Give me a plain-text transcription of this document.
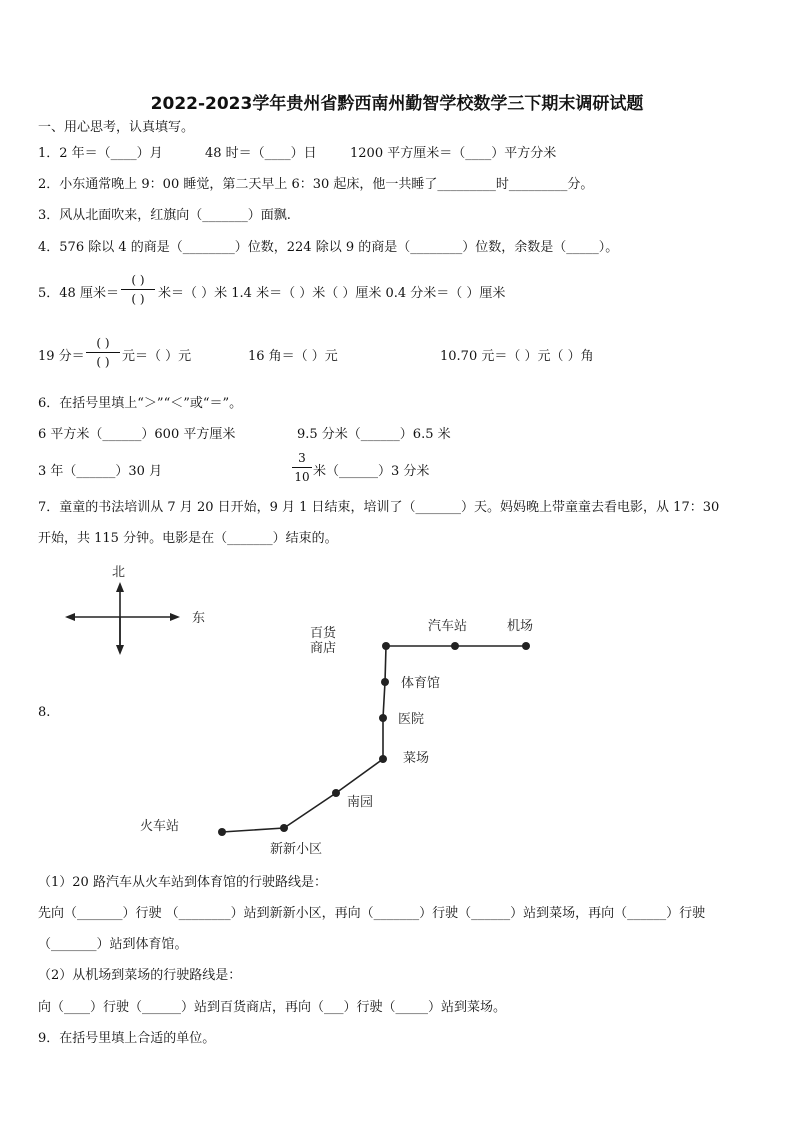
2022-2023学年贵州省黔西南州勤智学校数学三下期末调研试题
一、用心思考，认真填写。
1．2 年＝（____）月	48 时＝（____）日	1200 平方厘米＝（____）平方分米
2．小东通常晚上 9：00 睡觉，第二天早上 6：30 起床，他一共睡了_________时_________分。
3．风从北面吹来，红旗向（_______）面飘.
4．576 除以 4 的商是（________）位数，224 除以 9 的商是（________）位数，余数是（_____）。
5．48 厘米＝
( )
( )	米＝（ ）米 1.4 米＝（ ）米（ ）厘米 0.4 分米＝（ ）厘米
19 分＝
( )
( ) 元＝（ ）元	16 角＝（ ）元	10.70 元＝（ ）元（ ）角
6．在括号里填上“＞”“＜”或“＝”。
6 平方米（______）600 平方厘米	9.5 分米（______）6.5 米
3 年（______）30 月
3
10 米（______）3 分米
7．童童的书法培训从 7 月 20 日开始，9 月 1 日结束，培训了（_______）天。妈妈晚上带童童去看电影，从 17：30
开始，共 115 分钟。电影是在（_______）结束的。
8.
北
东
百货
商店
汽车站	机场
体育馆
医院
菜场
南园
火车站
新新小区
（1）20 路汽车从火车站到体育馆的行驶路线是：
先向（_______）行驶 （________）站到新新小区，再向（_______）行驶（______）站到菜场，再向（______）行驶
（_______）站到体育馆。
（2）从机场到菜场的行驶路线是：
向（____）行驶（______）站到百货商店，再向（___）行驶（_____）站到菜场。
9．在括号里填上合适的单位。
